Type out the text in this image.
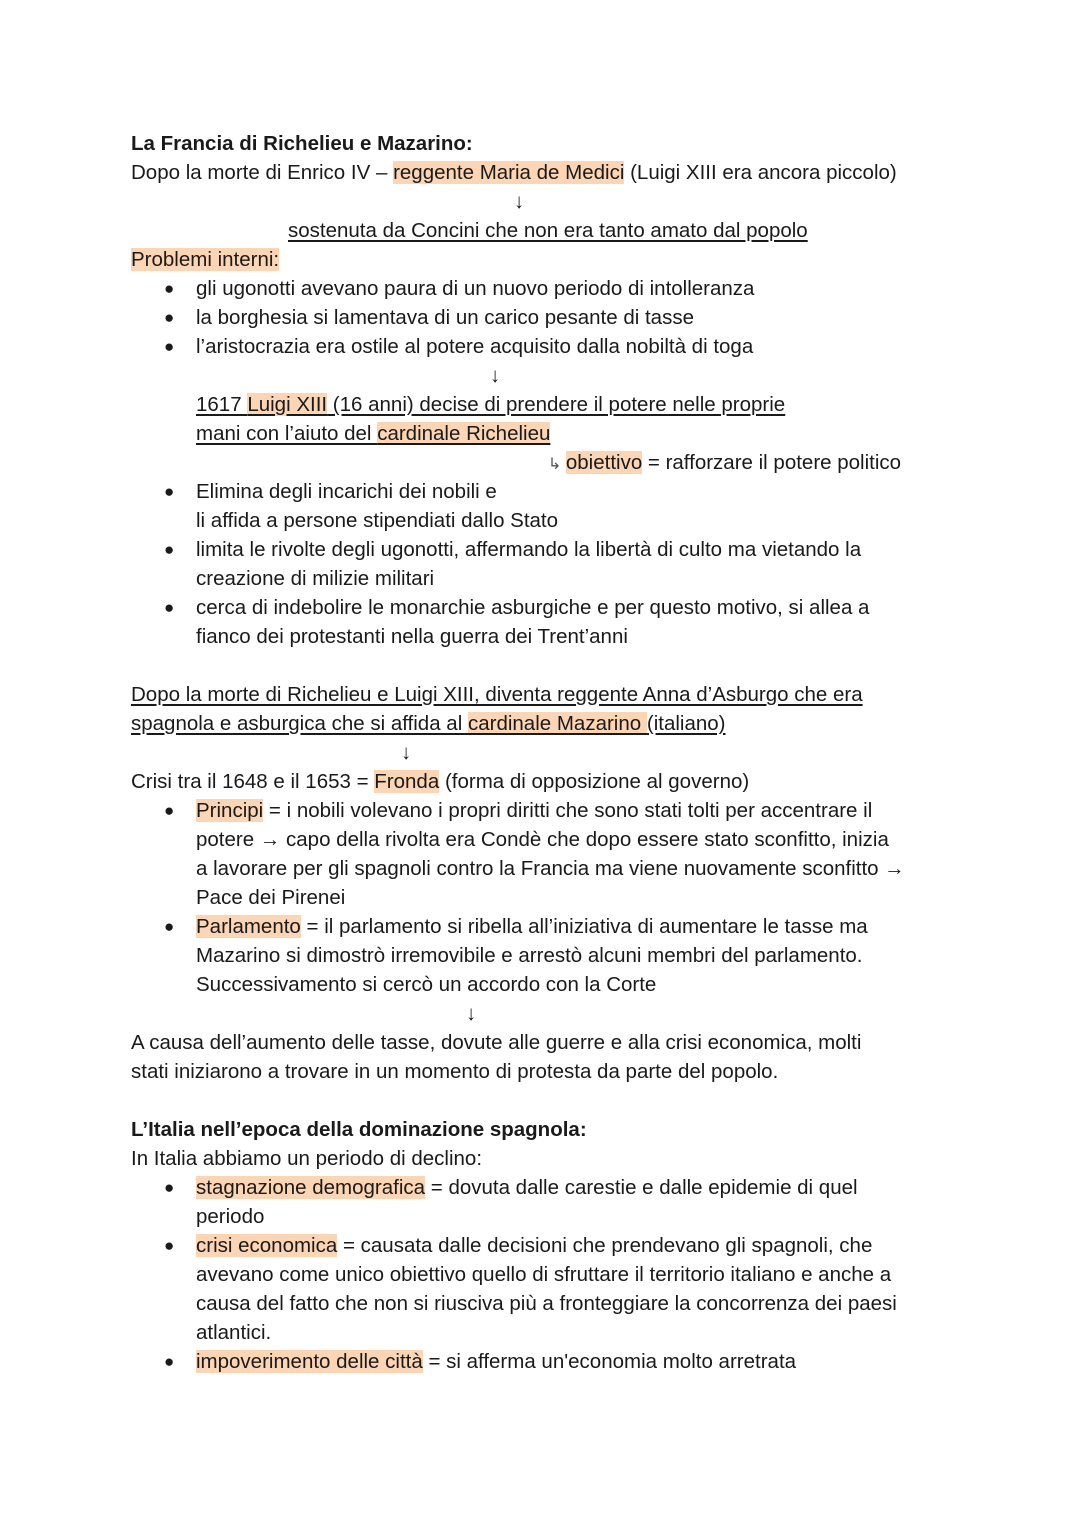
La Francia di Richelieu e Mazarino:
Dopo la morte di Enrico IV – reggente Maria de Medici (Luigi XIII era ancora piccolo)
↓
sostenuta da Concini che non era tanto amato dal popolo
Problemi interni:
● gli ugonotti avevano paura di un nuovo periodo di intolleranza
● la borghesia si lamentava di un carico pesante di tasse
● l’aristocrazia era ostile al potere acquisito dalla nobiltà di toga
↓
1617 Luigi XIII (16 anni) decise di prendere il potere nelle proprie
mani con l’aiuto del cardinale Richelieu
↳ obiettivo = rafforzare il potere politico
● Elimina degli incarichi dei nobili e
li affida a persone stipendiati dallo Stato
● limita le rivolte degli ugonotti, affermando la libertà di culto ma vietando la
creazione di milizie militari
● cerca di indebolire le monarchie asburgiche e per questo motivo, si allea a
fianco dei protestanti nella guerra dei Trent’anni
Dopo la morte di Richelieu e Luigi XIII, diventa reggente Anna d’Asburgo che era
spagnola e asburgica che si affida al cardinale Mazarino (italiano)
↓
Crisi tra il 1648 e il 1653 = Fronda (forma di opposizione al governo)
● Principi = i nobili volevano i propri diritti che sono stati tolti per accentrare il
potere → capo della rivolta era Condè che dopo essere stato sconfitto, inizia
a lavorare per gli spagnoli contro la Francia ma viene nuovamente sconfitto →
Pace dei Pirenei
● Parlamento = il parlamento si ribella all’iniziativa di aumentare le tasse ma
Mazarino si dimostrò irremovibile e arrestò alcuni membri del parlamento.
Successivamento si cercò un accordo con la Corte
↓
A causa dell’aumento delle tasse, dovute alle guerre e alla crisi economica, molti
stati iniziarono a trovare in un momento di protesta da parte del popolo.
L’Italia nell’epoca della dominazione spagnola:
In Italia abbiamo un periodo di declino:
● stagnazione demografica = dovuta dalle carestie e dalle epidemie di quel
periodo
● crisi economica = causata dalle decisioni che prendevano gli spagnoli, che
avevano come unico obiettivo quello di sfruttare il territorio italiano e anche a
causa del fatto che non si riusciva più a fronteggiare la concorrenza dei paesi
atlantici.
● impoverimento delle città = si afferma un'economia molto arretrata
